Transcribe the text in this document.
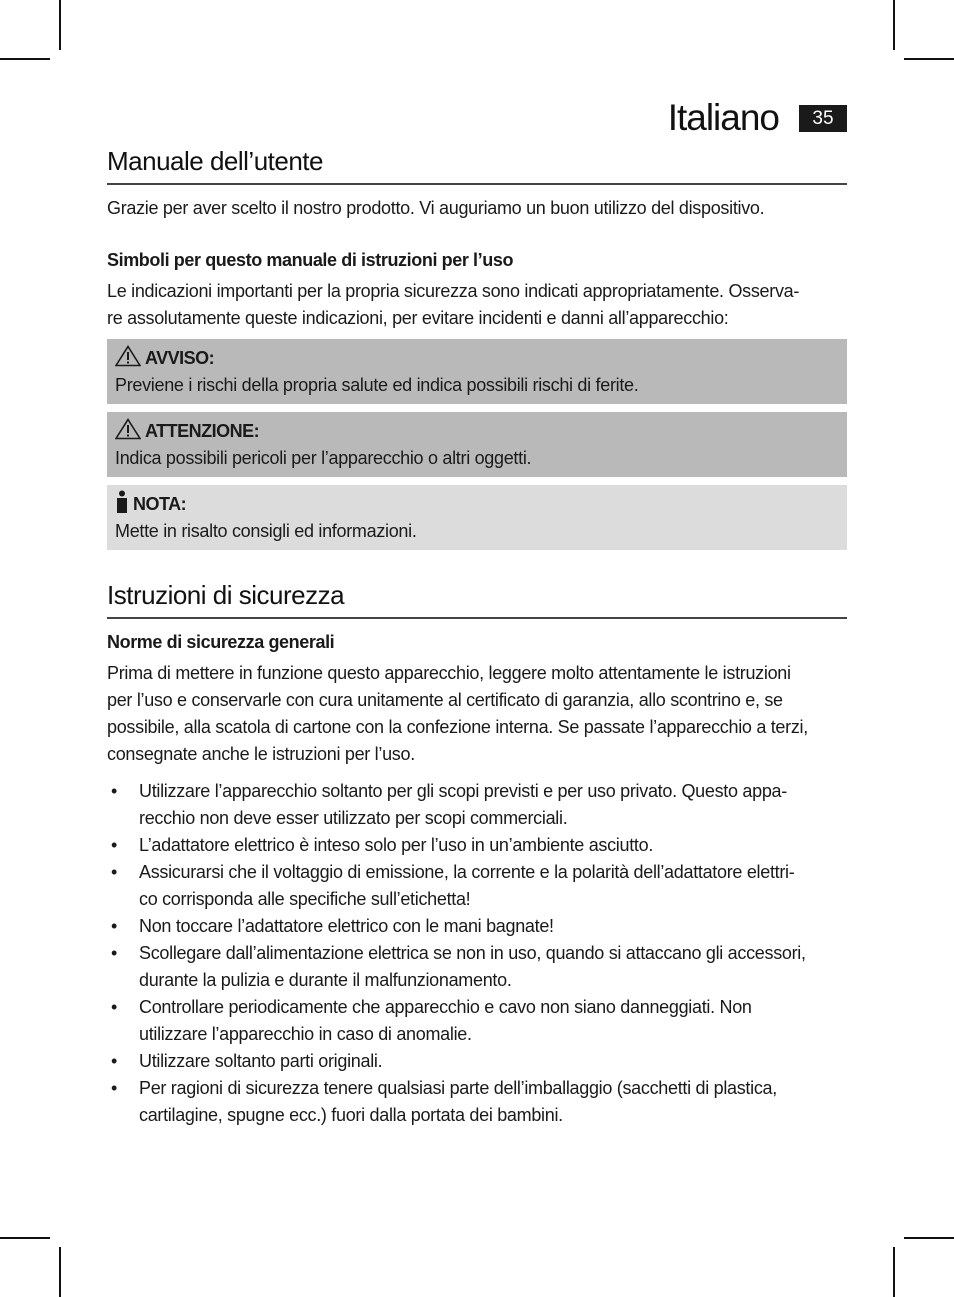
Italiano	35
Manuale dell’utente

Grazie per aver scelto il nostro prodotto. Vi auguriamo un buon utilizzo del dispositivo.

Simboli per questo manuale di istruzioni per l’uso

Le indicazioni importanti per la propria sicurezza sono indicati appropriatamente. Osserva-

re assolutamente queste indicazioni, per evitare incidenti e danni all’apparecchio:

AVVISO:
Previene i rischi della propria salute ed indica possibili rischi di ferite.
ATTENZIONE:
Indica possibili pericoli per l’apparecchio o altri oggetti.
NOTA:
Mette in risalto consigli ed informazioni.
Istruzioni di sicurezza
Norme di sicurezza generali

Prima di mettere in funzione questo apparecchio, leggere molto attentamente le istruzioni

per l’uso e conservarle con cura unitamente al certificato di garanzia, allo scontrino e, se

possibile, alla scatola di cartone con la confezione interna. Se passate l’apparecchio a terzi,

consegnate anche le istruzioni per l’uso.

• Utilizzare l’apparecchio soltanto per gli scopi previsti e per uso privato. Questo appa-
recchio non deve esser utilizzato per scopi commerciali.
• L’adattatore elettrico è inteso solo per l’uso in un’ambiente asciutto.
• Assicurarsi che il voltaggio di emissione, la corrente e la polarità dell’adattatore elettri-
co corrisponda alle specifiche sull’etichetta!
• Non toccare l’adattatore elettrico con le mani bagnate!
• Scollegare dall’alimentazione elettrica se non in uso, quando si attaccano gli accessori,
durante la pulizia e durante il malfunzionamento.
• Controllare periodicamente che apparecchio e cavo non siano danneggiati. Non
utilizzare l’apparecchio in caso di anomalie.
• Utilizzare soltanto parti originali.
• Per ragioni di sicurezza tenere qualsiasi parte dell’imballaggio (sacchetti di plastica,
cartilagine, spugne ecc.) fuori dalla portata dei bambini.
